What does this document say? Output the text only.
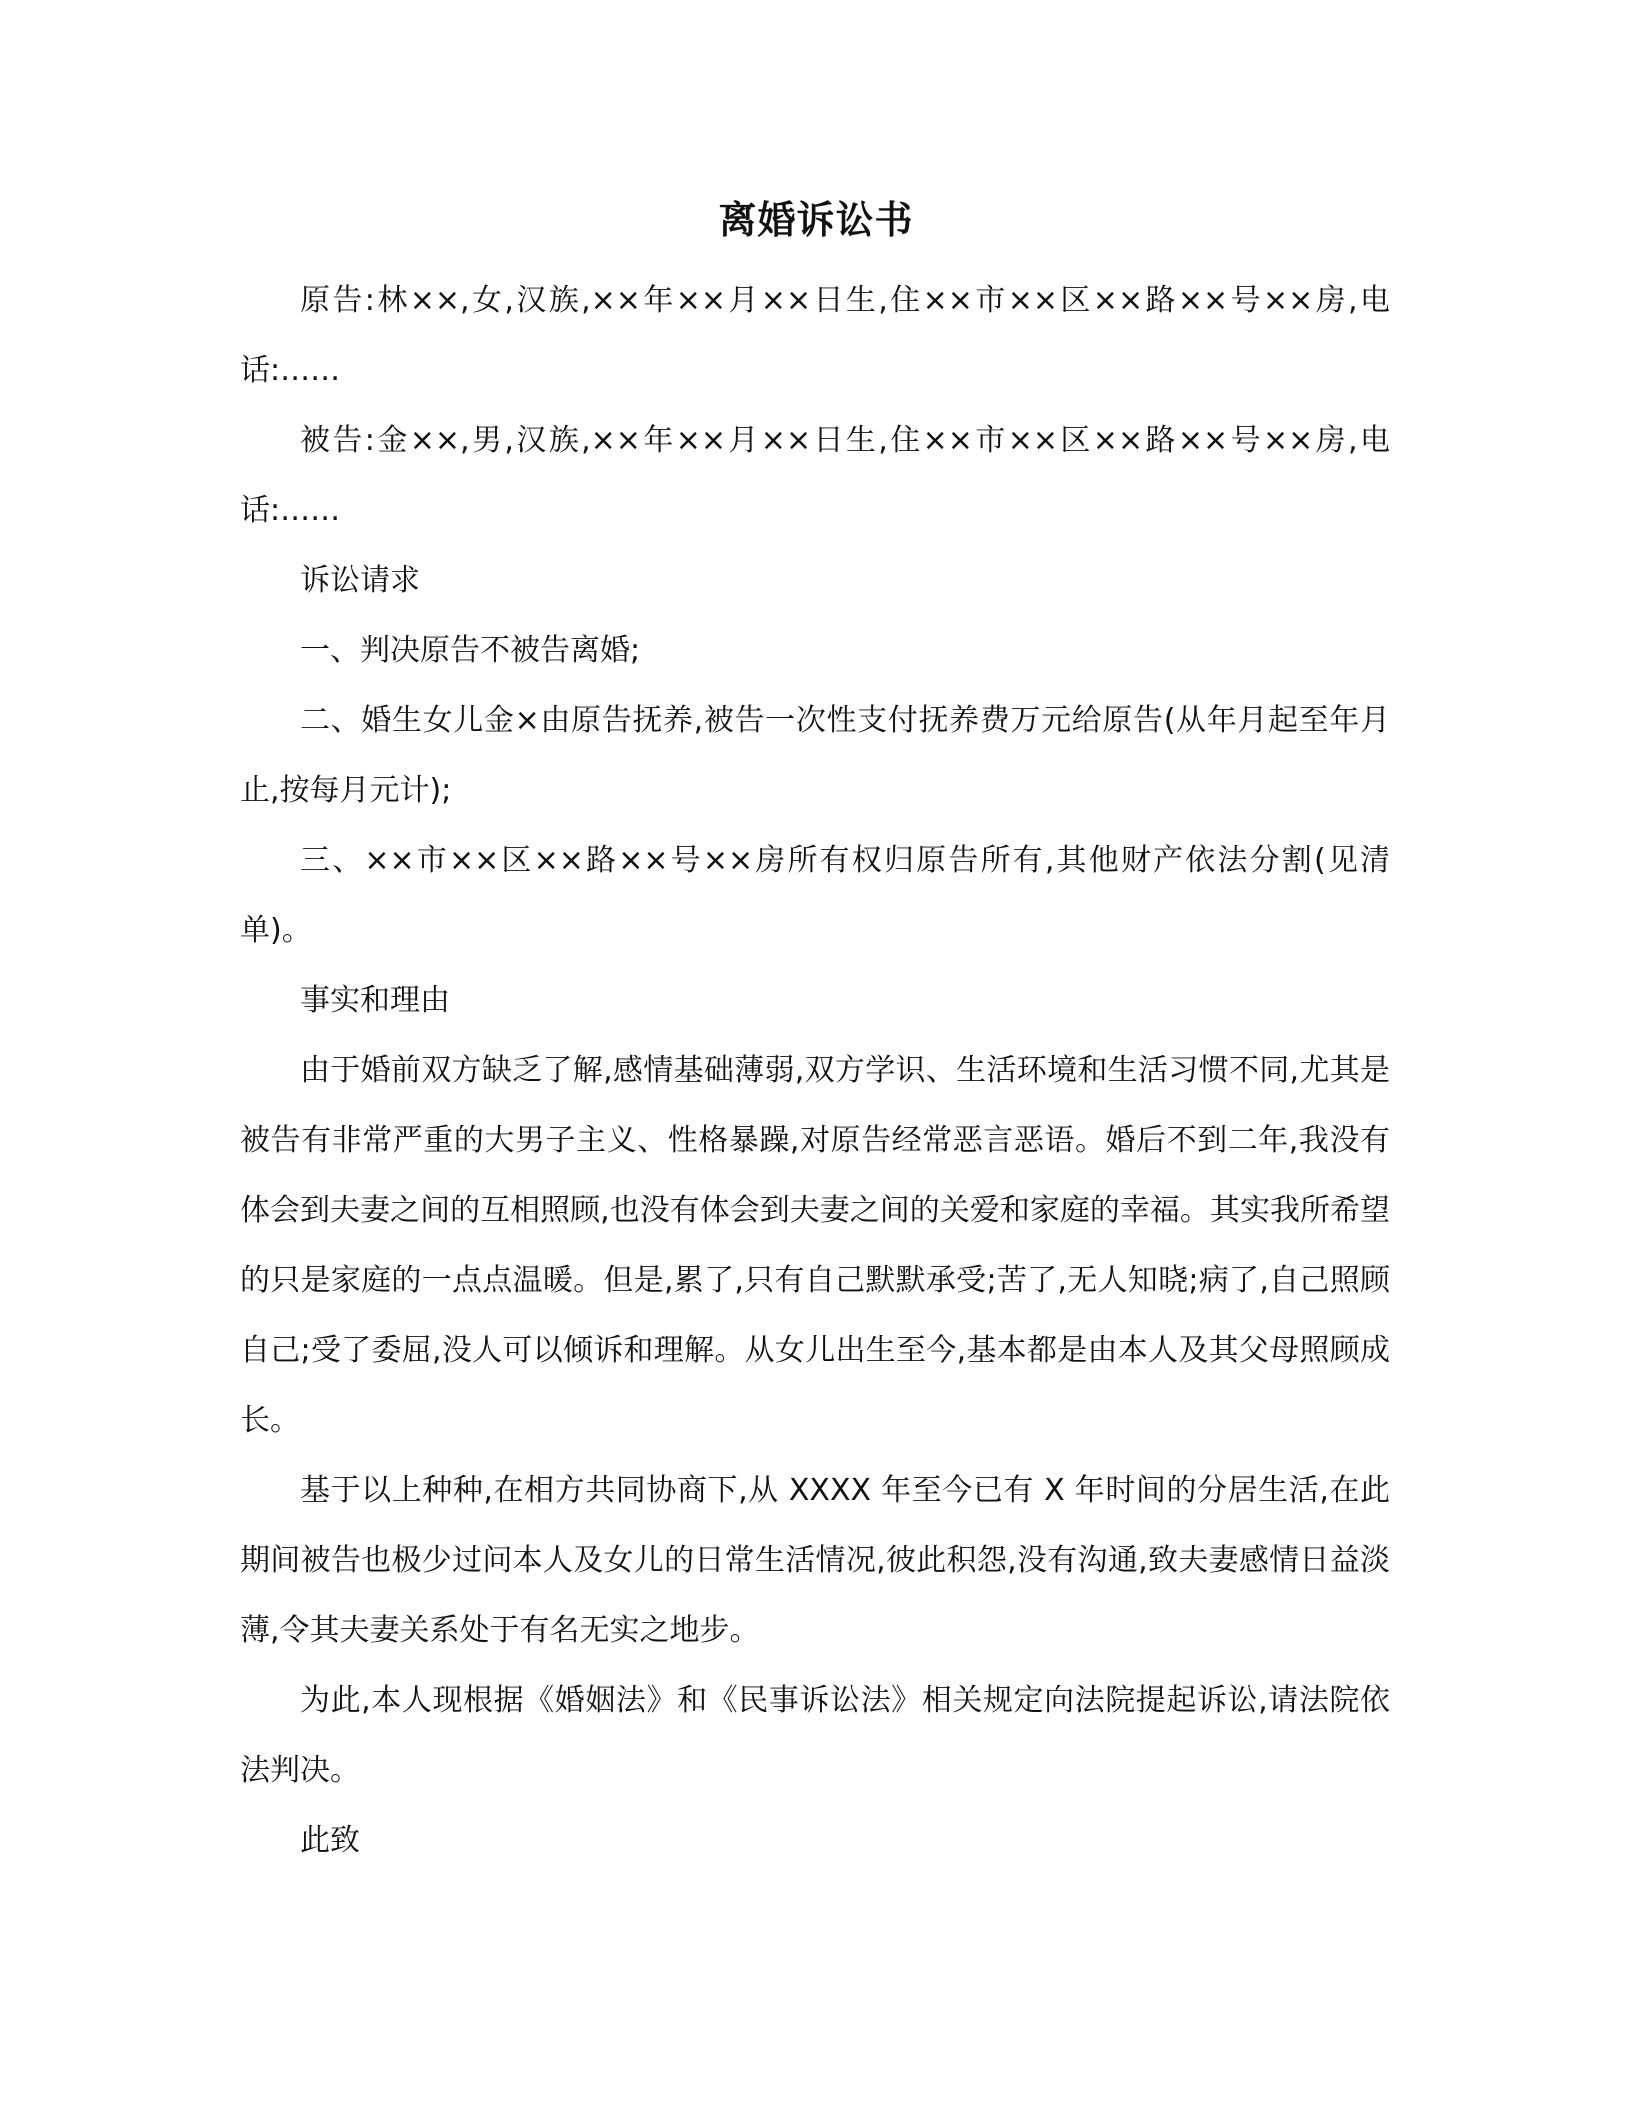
离婚诉讼书

原告:林××,女,汉族,××年××月××日生,住××市××区××路××号××房,电话:……

被告:金××,男,汉族,××年××月××日生,住××市××区××路××号××房,电话:……

诉讼请求

一、判决原告不被告离婚;

二、婚生女儿金×由原告抚养,被告一次性支付抚养费万元给原告(从年月起至年月止,按每月元计);

三、××市××区××路××号××房所有权归原告所有,其他财产依法分割(见清单)。

事实和理由

由于婚前双方缺乏了解,感情基础薄弱,双方学识、生活环境和生活习惯不同,尤其是被告有非常严重的大男子主义、性格暴躁,对原告经常恶言恶语。婚后不到二年,我没有体会到夫妻之间的互相照顾,也没有体会到夫妻之间的关爱和家庭的幸福。其实我所希望的只是家庭的一点点温暖。但是,累了,只有自己默默承受;苦了,无人知晓;病了,自己照顾自己;受了委屈,没人可以倾诉和理解。从女儿出生至今,基本都是由本人及其父母照顾成长。

基于以上种种,在相方共同协商下,从 XXXX 年至今已有 X 年时间的分居生活,在此期间被告也极少过问本人及女儿的日常生活情况,彼此积怨,没有沟通,致夫妻感情日益淡薄,令其夫妻关系处于有名无实之地步。

为此,本人现根据《婚姻法》和《民事诉讼法》相关规定向法院提起诉讼,请法院依法判决。

此致
